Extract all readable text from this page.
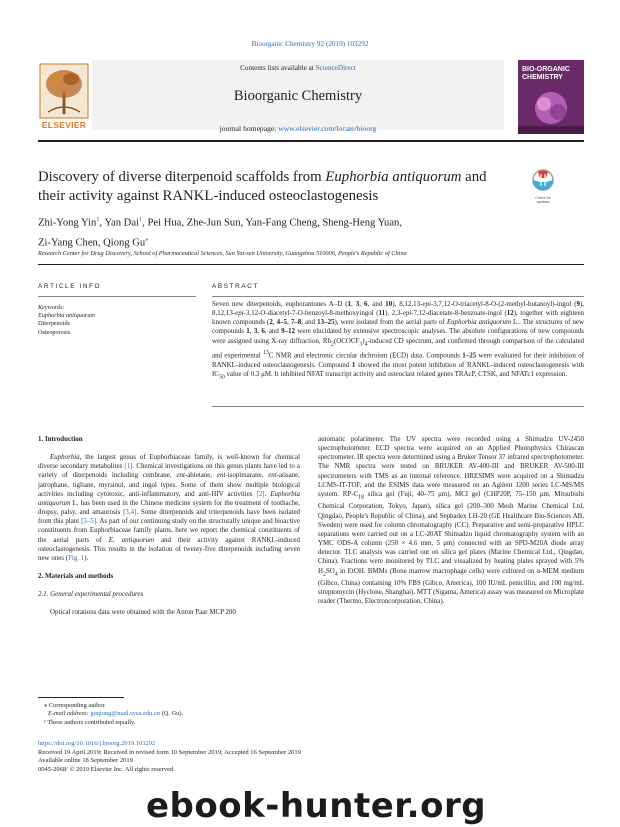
Bioorganic Chemistry 92 (2019) 103292
ELSEVIER
Contents lists available at ScienceDirect
Bioorganic Chemistry
journal homepage: www.elsevier.com/locate/bioorg
BIO-ORGANIC CHEMISTRY
Discovery of diverse diterpenoid scaffolds from Euphorbia antiquorum and their activity against RANKL-induced osteoclastogenesis	Check for updates
Zhi-Yong Yin$^1$, Yan Dai$^1$, Pei Hua, Zhe-Jun Sun, Yan-Fang Cheng, Sheng-Heng Yuan,
Zi-Yang Chen, Qiong Gu⁎
Research Center for Drug Discovery, School of Pharmaceutical Sciences, Sun Yat-sen University, Guangzhou 510006, People's Republic of China
ARTICLE INFO	ABSTRACT
Keywords:
Euphorbia antiquorum
Diterpenoids
Osteoporosis
Seven new diterpenoids, euphorantones A–D (1, 3, 6, and 10), 8,12,13-epi-3,7,12-O-triacetyl-8-O-(2-methyl-butanoyl)-ingol (9), 8,12,13-epi-3,12-O-diacetyl-7-O-benzoyl-8-methoxyingol (11), 2,3-epi-7,12-diacetate-8-benzoate-ingol (12), together with eighteen known compounds (2, 4–5, 7–8, and 13–25), were isolated from the aerial parts of Euphorbia antiquorum L.. The structures of new compounds 1, 3, 6, and 9–12 were elucidated by extensive spectroscopic analyses. The absolute configurations of new compounds were assigned using X-ray diffraction, $Rh_2(OCOCF_3)_4$-induced CD spectrum, and confirmed through comparison of the calculated and experimental $^{13}$C NMR and electronic circular dichroism (ECD) data. Compounds 1–25 were evaluated for their inhibition of RANKL-induced osteoclastogenesis. Compound 1 showed the most potent inhibition of RANKL-induced osteoclastogenesis with $IC_{50}$ value of 0.3 μM. It inhibited NFAT transcript activity and osteoclast related genes TRAcP, CTSK, and NFATc1 expression.

1. Introduction

Euphorbia, the largest genus of Euphorbiaceae family, is well-known for chemical diverse secondary metabolites [1]. Chemical investigations on this genus plants have led to a variety of diterpenoids including cembrane, ent-abietane, ent-isopimarane, ent-atisane, jatrophane, tigliane, myrsinol, and ingol types. Some of them show multiple biological activities including cytotoxic, anti-inflammatory, and anti-HIV activities [2]. Euphorbia antiquorum L. has been used in the Chinese medicine system for the treatment of toothache, dropsy, palsy, and amaurosis [3,4]. Some diterpenoids and triterpenoids have been isolated from this plant [3–5]. As part of our continuing study on the structurally unique and bioactive constituents from Euphorbiaceae family plants, here we report the chemical constituents of the aerial parts of E. antiquorum and their activity against RANKL-induced osteoclastogenesis. This results in the isolation of twenty-five diterpenoids including seven new ones (Fig. 1).

2. Materials and methods

2.1. General experimental procedures

Optical rotations data were obtained with the Anton Paar MCP 200

automatic polarimeter. The UV spectra were recorded using a Shimadzu UV-2450 spectrophotometer. ECD spectra were acquired on an Applied Photophysics Chirascan spectrometer. IR spectra were determined using a Bruker Tensor 37 infrared spectrophotometer. The NMR spectra were tested on BRUKER AV-400-III and BRUKER AV-500-III spectrometers with TMS as an internal reference. HRESIMS were acquired on a Shimadzu LCMS-IT-TOF, and the ESIMS data were measured on an Agilent 1200 series LC-MS/MS system. $RP-C_{18}$ silica gel (Fuji, 40–75 μm), MCI gel (CHP20P, 75–150 μm, Mitsubishi Chemical Corporation, Tokyo, Japan), silica gel (200–300 Mesh Marine Chemical Ltd, Qingdao, People's Republic of China), and Sephadex LH-20 (GE Healthcare Bio-Sciences AB, Sweden) were used for column chromatography (CC). Preparative and semi-preparative HPLC separations were carried out on a LC-20AT Shimadzu liquid chromatography system with an YMC ODS-A column (250 × 4.6 mm, 5 μm) connected with an SPD-M20A diode array detector. TLC analysis was carried out on silica gel plates (Marine Chemical Ltd., Qingdao, China). Fractions were monitored by TLC and visualized by heating plates sprayed with 5% $H_2SO_4$ in EtOH. BMMs (Bone marrow macrophage cells) were cultured on α-MEM medium (Gibco, China) containing 10% FBS (Gibco, America), 100 IU/mL penicillin, and 100 mg/mL streptomycin (Hyclone, Shanghai). MTT (Sigama, America) assay was measured on Microplate reader (Thermo, Electroncorporation, China).

⁎ Corresponding author.
E-mail address: guqiong@mail.sysu.edu.cn (Q. Gu).
¹ These authors contributed equally.
https://doi.org/10.1016/j.bioorg.2019.103292
Received 19 April 2019; Received in revised form 10 September 2019; Accepted 16 September 2019
Available online 18 September 2019
0045-2068/ © 2019 Elsevier Inc. All rights reserved.
ebook-hunter.org
